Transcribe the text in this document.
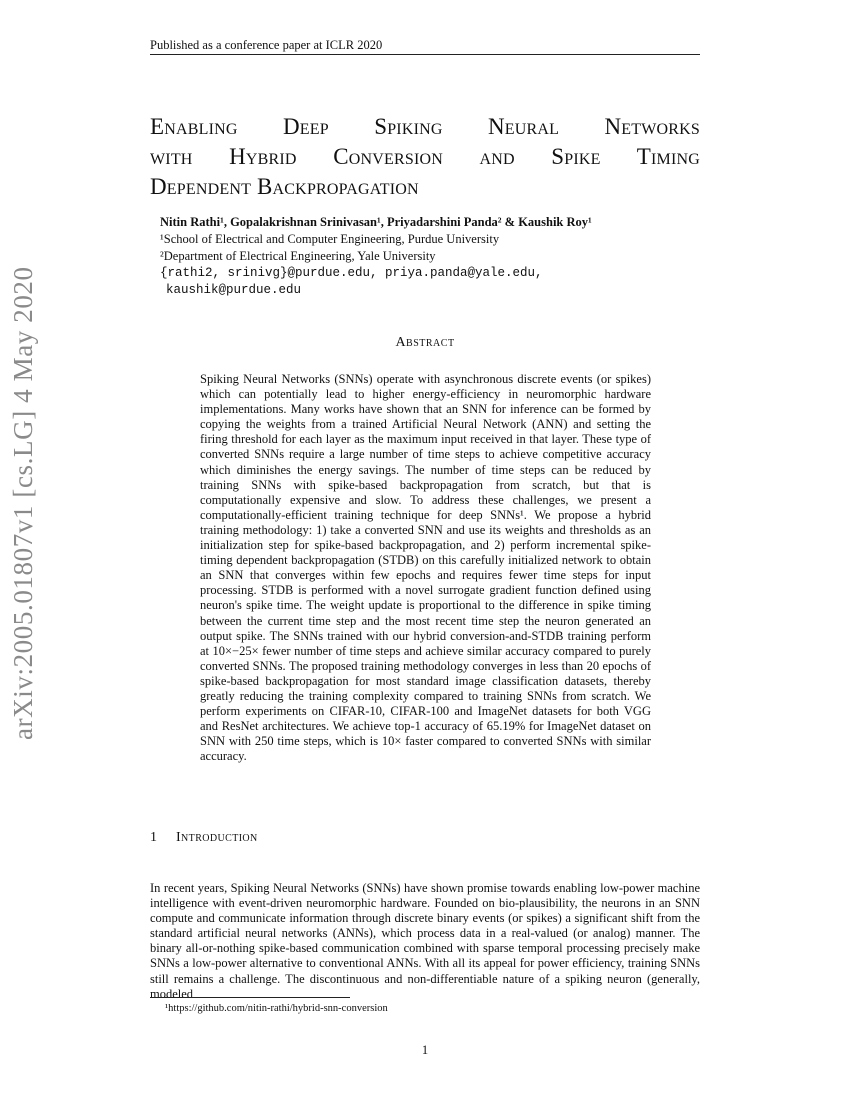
Published as a conference paper at ICLR 2020
Enabling Deep Spiking Neural Networks
with Hybrid Conversion and Spike Timing
Dependent Backpropagation
Nitin Rathi¹, Gopalakrishnan Srinivasan¹, Priyadarshini Panda² & Kaushik Roy¹
¹School of Electrical and Computer Engineering, Purdue University
²Department of Electrical Engineering, Yale University
{rathi2, srinivg}@purdue.edu, priya.panda@yale.edu,
kaushik@purdue.edu
Abstract
Spiking Neural Networks (SNNs) operate with asynchronous discrete events (or spikes) which can potentially lead to higher energy-efficiency in neuromorphic hardware implementations. Many works have shown that an SNN for inference can be formed by copying the weights from a trained Artificial Neural Network (ANN) and setting the firing threshold for each layer as the maximum input received in that layer. These type of converted SNNs require a large number of time steps to achieve competitive accuracy which diminishes the energy savings. The number of time steps can be reduced by training SNNs with spike-based backpropagation from scratch, but that is computationally expensive and slow. To address these challenges, we present a computationally-efficient training technique for deep SNNs¹. We propose a hybrid training methodology: 1) take a converted SNN and use its weights and thresholds as an initialization step for spike-based backpropagation, and 2) perform incremental spike-timing dependent backpropagation (STDB) on this carefully initialized network to obtain an SNN that converges within few epochs and requires fewer time steps for input processing. STDB is performed with a novel surrogate gradient function defined using neuron's spike time. The weight update is proportional to the difference in spike timing between the current time step and the most recent time step the neuron generated an output spike. The SNNs trained with our hybrid conversion-and-STDB training perform at 10×−25× fewer number of time steps and achieve similar accuracy compared to purely converted SNNs. The proposed training methodology converges in less than 20 epochs of spike-based backpropagation for most standard image classification datasets, thereby greatly reducing the training complexity compared to training SNNs from scratch. We perform experiments on CIFAR-10, CIFAR-100 and ImageNet datasets for both VGG and ResNet architectures. We achieve top-1 accuracy of 65.19% for ImageNet dataset on SNN with 250 time steps, which is 10× faster compared to converted SNNs with similar accuracy.
1 Introduction
In recent years, Spiking Neural Networks (SNNs) have shown promise towards enabling low-power machine intelligence with event-driven neuromorphic hardware. Founded on bio-plausibility, the neurons in an SNN compute and communicate information through discrete binary events (or spikes) a significant shift from the standard artificial neural networks (ANNs), which process data in a real-valued (or analog) manner. The binary all-or-nothing spike-based communication combined with sparse temporal processing precisely make SNNs a low-power alternative to conventional ANNs. With all its appeal for power efficiency, training SNNs still remains a challenge. The discontinuous and non-differentiable nature of a spiking neuron (generally, modeled
¹https://github.com/nitin-rathi/hybrid-snn-conversion
1
arXiv:2005.01807v1 [cs.LG] 4 May 2020
